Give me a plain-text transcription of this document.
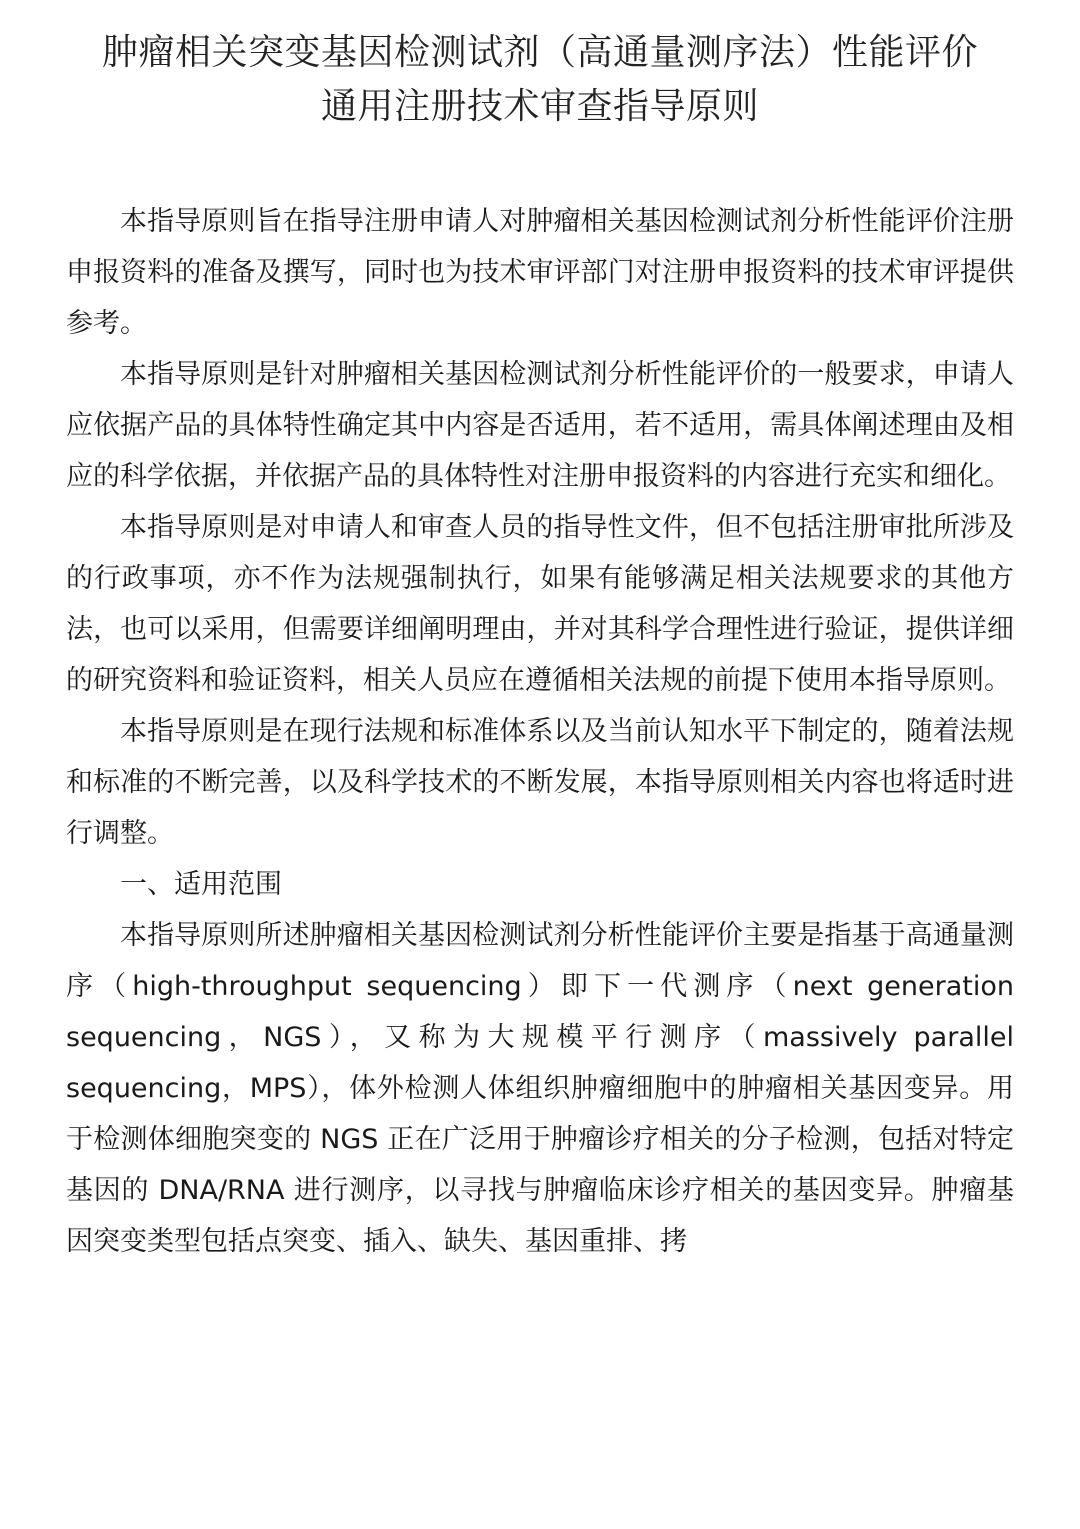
肿瘤相关突变基因检测试剂（高通量测序法）性能评价
通用注册技术审查指导原则

本指导原则旨在指导注册申请人对肿瘤相关基因检测试剂分析性能评价注册申报资料的准备及撰写，同时也为技术审评部门对注册申报资料的技术审评提供参考。

本指导原则是针对肿瘤相关基因检测试剂分析性能评价的一般要求，申请人应依据产品的具体特性确定其中内容是否适用，若不适用，需具体阐述理由及相应的科学依据，并依据产品的具体特性对注册申报资料的内容进行充实和细化。

本指导原则是对申请人和审查人员的指导性文件，但不包括注册审批所涉及的行政事项，亦不作为法规强制执行，如果有能够满足相关法规要求的其他方法，也可以采用，但需要详细阐明理由，并对其科学合理性进行验证，提供详细的研究资料和验证资料，相关人员应在遵循相关法规的前提下使用本指导原则。

本指导原则是在现行法规和标准体系以及当前认知水平下制定的，随着法规和标准的不断完善，以及科学技术的不断发展，本指导原则相关内容也将适时进行调整。

一、适用范围

本指导原则所述肿瘤相关基因检测试剂分析性能评价主要是指基于高通量测序（high-throughput sequencing）即下一代测序（next generation sequencing，NGS），又称为大规模平行测序（massively parallel sequencing，MPS），体外检测人体组织肿瘤细胞中的肿瘤相关基因变异。用于检测体细胞突变的 NGS 正在广泛用于肿瘤诊疗相关的分子检测，包括对特定基因的 DNA/RNA 进行测序，以寻找与肿瘤临床诊疗相关的基因变异。肿瘤基因突变类型包括点突变、插入、缺失、基因重排、拷
